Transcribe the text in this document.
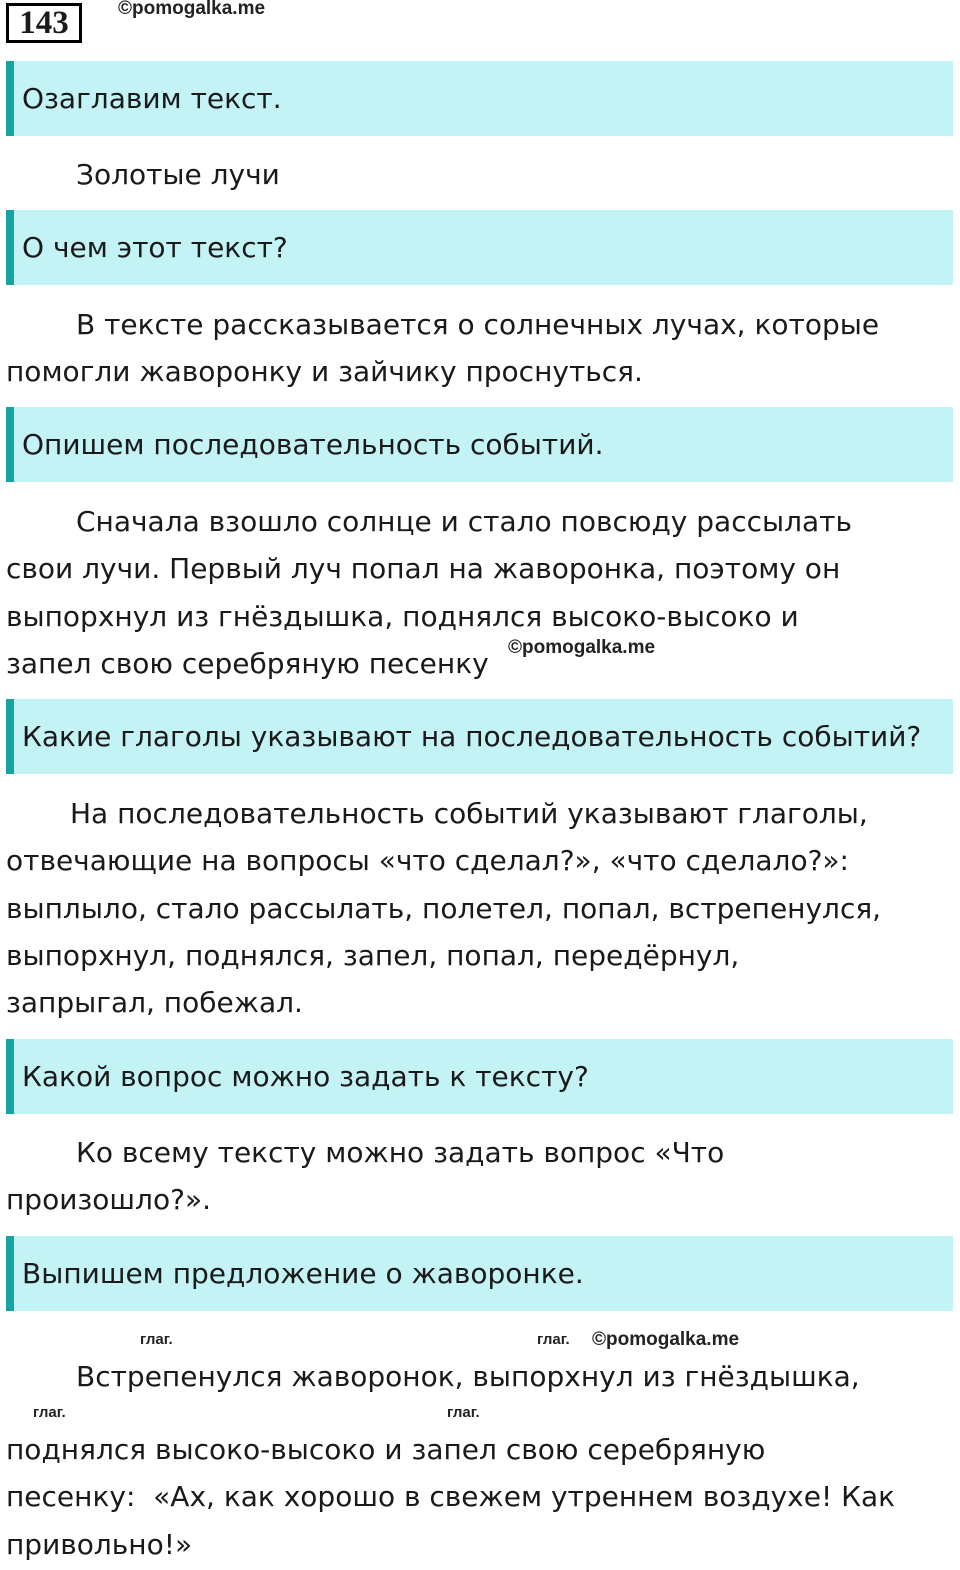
143	©pomogalka.me
Озаглавим текст.
Золотые лучи
О чем этот текст?
В тексте рассказывается о солнечных лучах, которые
помогли жаворонку и зайчику проснуться.
Опишем последовательность событий.
Сначала взошло солнце и стало повсюду рассылать
свои лучи. Первый луч попал на жаворонка, поэтому он
выпорхнул из гнёздышка, поднялся высоко-высоко и
запел свою серебряную песенку	©pomogalka.me
Какие глаголы указывают на последовательность событий?
На последовательность событий указывают глаголы,
отвечающие на вопросы «что сделал?», «что сделало?»:
выплыло, стало рассылать, полетел, попал, встрепенулся,
выпорхнул, поднялся, запел, попал, передёрнул,
запрыгал, побежал.
Какой вопрос можно задать к тексту?
Ко всему тексту можно задать вопрос «Что
произошло?».
Выпишем предложение о жаворонке.
глаг.	глаг. ©pomogalka.me
Встрепенулся жаворонок, выпорхнул из гнёздышка,
глаг.	глаг.
поднялся высоко-высоко и запел свою серебряную
песенку:  «Ах, как хорошо в свежем утреннем воздухе! Как
привольно!»
